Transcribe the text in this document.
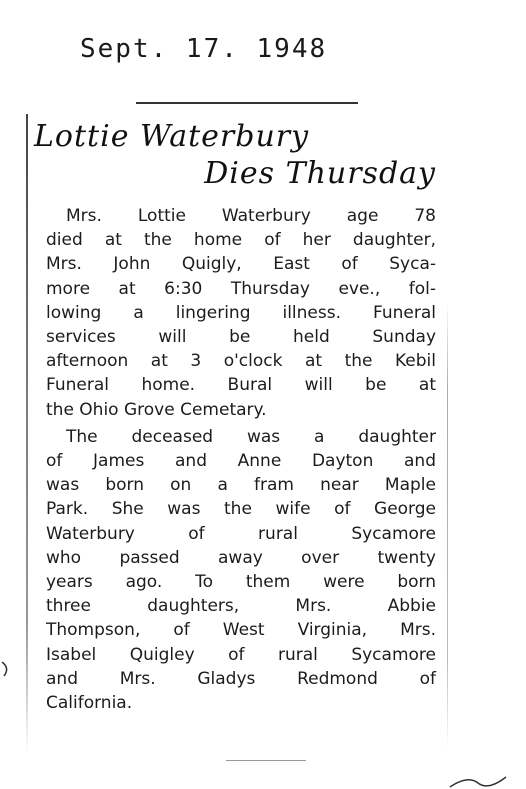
Sept. 17. 1948
Lottie Waterbury
Dies Thursday
Mrs. Lottie Waterbury age 78
died at the home of her daughter,
Mrs. John Quigly, East of Syca-
more at 6:30 Thursday eve., fol-
lowing a lingering illness. Funeral
services will be held Sunday
afternoon at 3 o'clock at the Kebil
Funeral home. Bural will be at
the Ohio Grove Cemetary.
The deceased was a daughter
of James and Anne Dayton and
was born on a fram near Maple
Park. She was the wife of George
Waterbury of rural Sycamore
who passed away over twenty
years ago. To them were born
three daughters, Mrs. Abbie
Thompson, of West Virginia, Mrs.
Isabel Quigley of rural Sycamore
and Mrs. Gladys Redmond of
California.
